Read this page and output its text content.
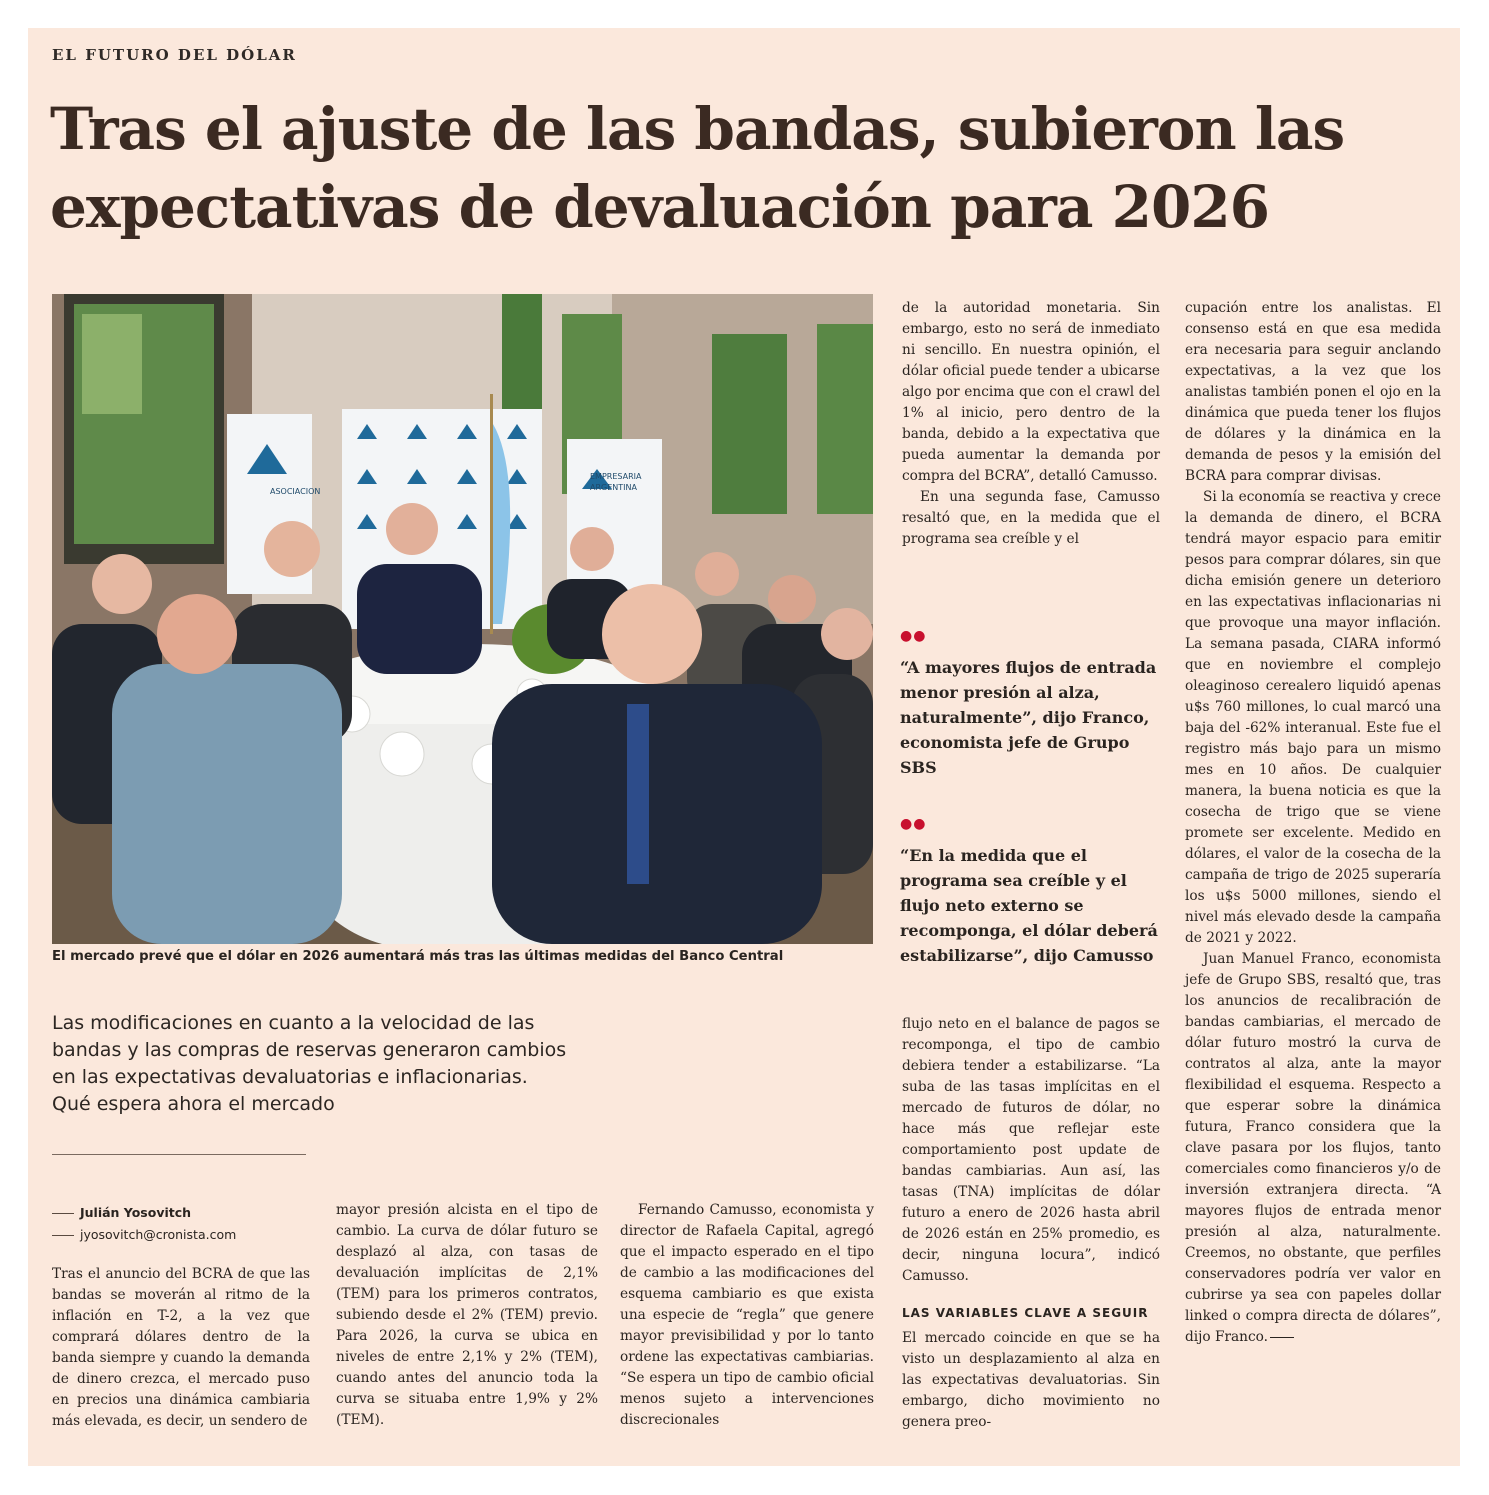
EL FUTURO DEL DÓLAR
Tras el ajuste de las bandas, subieron las
expectativas de devaluación para 2026
ASOCIACION
EMPRESARIA
ARGENTINA
El mercado prevé que el dólar en 2026 aumentará más tras las últimas medidas del Banco Central
Las modificaciones en cuanto a la velocidad de las bandas y las compras de reservas generaron cambios en las expectativas devaluatorias e inflacionarias. Qué espera ahora el mercado
Julián Yosovitch
jyosovitch@cronista.com

Tras el anuncio del BCRA de que las bandas se moverán al ritmo de la inflación en T-2, a la vez que comprará dólares dentro de la banda siempre y cuando la demanda de dinero crezca, el mercado puso en precios una dinámica cambiaria más elevada, es decir, un sendero de

mayor presión alcista en el tipo de cambio. La curva de dólar futuro se desplazó al alza, con tasas de devaluación implícitas de 2,1% (TEM) para los primeros contratos, subiendo desde el 2% (TEM) previo. Para 2026, la curva se ubica en niveles de entre 2,1% y 2% (TEM), cuando antes del anuncio toda la curva se situaba entre 1,9% y 2% (TEM).

Fernando Camusso, economista y director de Rafaela Capital, agregó que el impacto esperado en el tipo de cambio a las modificaciones del esquema cambiario es que exista una especie de “regla” que genere mayor previsibilidad y por lo tanto ordene las expectativas cambiarias. “Se espera un tipo de cambio oficial menos sujeto a intervenciones discrecionales

de la autoridad monetaria. Sin embargo, esto no será de inmediato ni sencillo. En nuestra opinión, el dólar oficial puede tender a ubicarse algo por encima que con el crawl del 1% al inicio, pero dentro de la banda, debido a la expectativa que pueda aumentar la demanda por compra del BCRA”, detalló Camusso.

En una segunda fase, Camusso resaltó que, en la medida que el programa sea creíble y el

●●
“A mayores flujos de entrada menor presión al alza, naturalmente”, dijo Franco, economista jefe de Grupo SBS
●●
“En la medida que el programa sea creíble y el flujo neto externo se recomponga, el dólar deberá estabilizarse”, dijo Camusso

flujo neto en el balance de pagos se recomponga, el tipo de cambio debiera tender a estabilizarse. “La suba de las tasas implícitas en el mercado de futuros de dólar, no hace más que reflejar este comportamiento post update de bandas cambiarias. Aun así, las tasas (TNA) implícitas de dólar futuro a enero de 2026 hasta abril de 2026 están en 25% promedio, es decir, ninguna locura”, indicó Camusso.

LAS VARIABLES CLAVE A SEGUIR

El mercado coincide en que se ha visto un desplazamiento al alza en las expectativas devaluatorias. Sin embargo, dicho movimiento no genera preo-

cupación entre los analistas. El consenso está en que esa medida era necesaria para seguir anclando expectativas, a la vez que los analistas también ponen el ojo en la dinámica que pueda tener los flujos de dólares y la dinámica en la demanda de pesos y la emisión del BCRA para comprar divisas.

Si la economía se reactiva y crece la demanda de dinero, el BCRA tendrá mayor espacio para emitir pesos para comprar dólares, sin que dicha emisión genere un deterioro en las expectativas inflacionarias ni que provoque una mayor inflación. La semana pasada, CIARA informó que en noviembre el complejo oleaginoso cerealero liquidó apenas u$s 760 millones, lo cual marcó una baja del -62% interanual. Este fue el registro más bajo para un mismo mes en 10 años. De cualquier manera, la buena noticia es que la cosecha de trigo que se viene promete ser excelente. Medido en dólares, el valor de la cosecha de la campaña de trigo de 2025 superaría los u$s 5000 millones, siendo el nivel más elevado desde la campaña de 2021 y 2022.

Juan Manuel Franco, economista jefe de Grupo SBS, resaltó que, tras los anuncios de recalibración de bandas cambiarias, el mercado de dólar futuro mostró la curva de contratos al alza, ante la mayor flexibilidad el esquema. Respecto a que esperar sobre la dinámica futura, Franco considera que la clave pasara por los flujos, tanto comerciales como financieros y/o de inversión extranjera directa. “A mayores flujos de entrada menor presión al alza, naturalmente. Creemos, no obstante, que perfiles conservadores podría ver valor en cubrirse ya sea con papeles dollar linked o compra directa de dólares”, dijo Franco.
